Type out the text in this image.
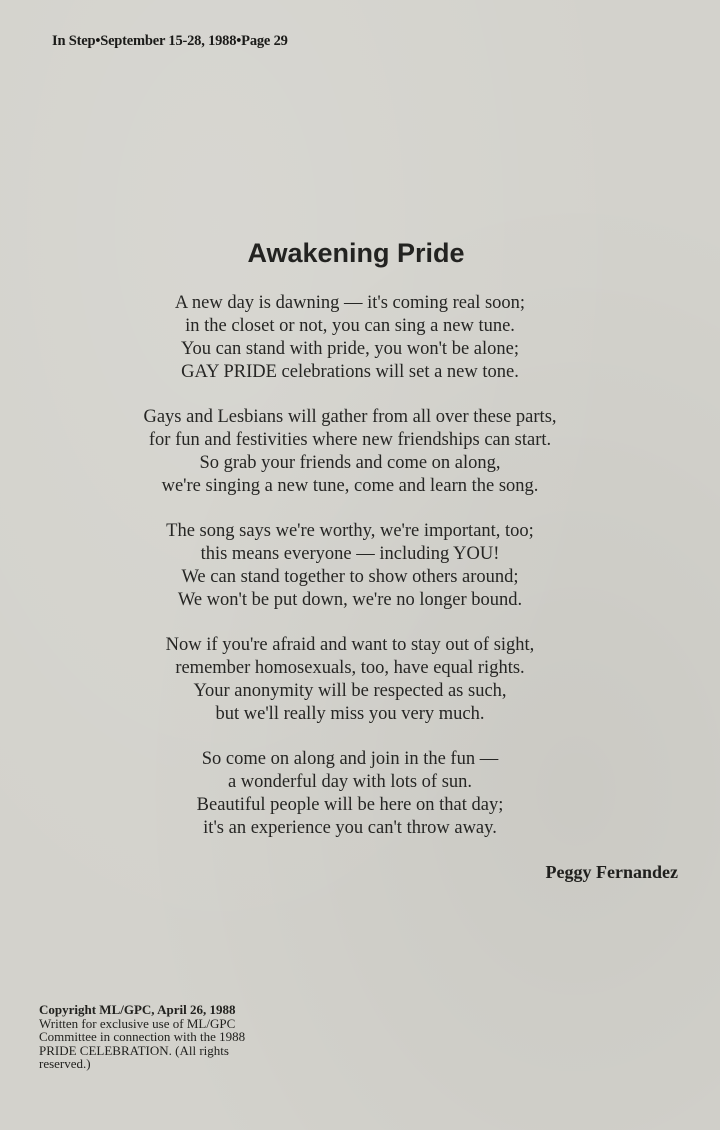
In Step•September 15-28, 1988•Page 29
Awakening Pride
A new day is dawning — it's coming real soon;
in the closet or not, you can sing a new tune.
You can stand with pride, you won't be alone;
GAY PRIDE celebrations will set a new tone.
Gays and Lesbians will gather from all over these parts,
for fun and festivities where new friendships can start.
So grab your friends and come on along,
we're singing a new tune, come and learn the song.
The song says we're worthy, we're important, too;
this means everyone — including YOU!
We can stand together to show others around;
We won't be put down, we're no longer bound.
Now if you're afraid and want to stay out of sight,
remember homosexuals, too, have equal rights.
Your anonymity will be respected as such,
but we'll really miss you very much.
So come on along and join in the fun —
a wonderful day with lots of sun.
Beautiful people will be here on that day;
it's an experience you can't throw away.
Peggy Fernandez
Copyright ML/GPC, April 26, 1988
Written for exclusive use of ML/GPC
Committee in connection with the 1988
PRIDE CELEBRATION. (All rights
reserved.)
